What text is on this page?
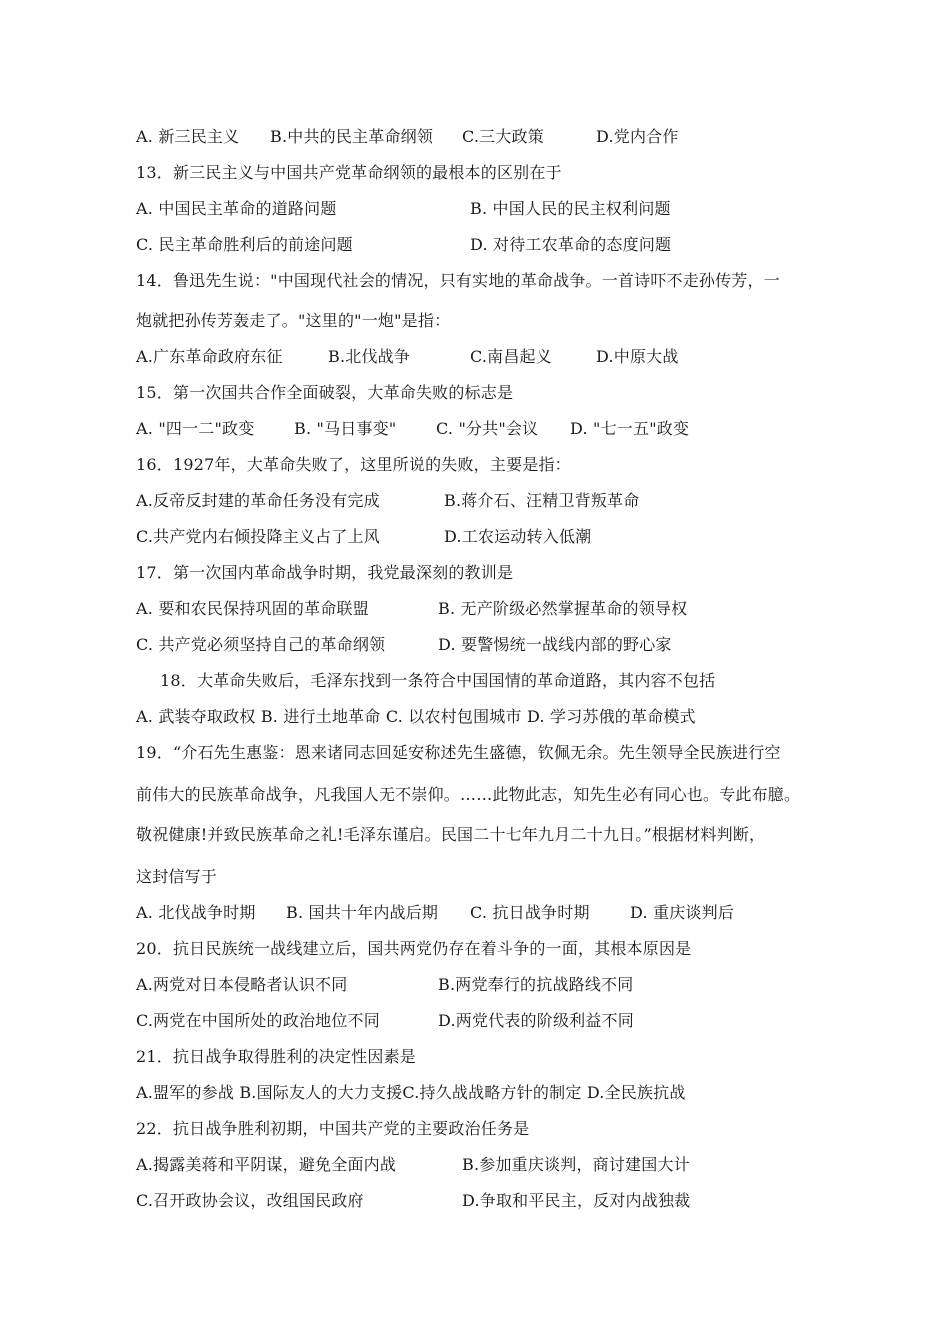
A. 新三民主义 B.中共的民主革命纲领 C.三大政策	D.党内合作
13．新三民主义与中国共产党革命纲领的最根本的区别在于
A. 中国民主革命的道路问题	B. 中国人民的民主权利问题
C. 民主革命胜利后的前途问题	D. 对待工农革命的态度问题
14．鲁迅先生说："中国现代社会的情况，只有实地的革命战争。一首诗吓不走孙传芳，一
炮就把孙传芳轰走了。"这里的"一炮"是指：
A.广东革命政府东征	B.北伐战争	C.南昌起义	D.中原大战
15．第一次国共合作全面破裂，大革命失败的标志是
A. "四一二"政变 B. "马日事变" C. "分共"会议 D. "七一五"政变
16．1927年，大革命失败了，这里所说的失败，主要是指：
A.反帝反封建的革命任务没有完成	B.蒋介石、汪精卫背叛革命
C.共产党内右倾投降主义占了上风	D.工农运动转入低潮
17．第一次国内革命战争时期，我党最深刻的教训是
A. 要和农民保持巩固的革命联盟	B. 无产阶级必然掌握革命的领导权
C. 共产党必须坚持自己的革命纲领	D. 要警惕统一战线内部的野心家
18．大革命失败后，毛泽东找到一条符合中国国情的革命道路，其内容不包括
A. 武装夺取政权 B. 进行土地革命 C. 以农村包围城市 D. 学习苏俄的革命模式
19．“介石先生惠鉴：恩来诸同志回延安称述先生盛德，钦佩无余。先生领导全民族进行空
前伟大的民族革命战争，凡我国人无不崇仰。……此物此志，知先生必有同心也。专此布臆。
敬祝健康!并致民族革命之礼!毛泽东谨启。民国二十七年九月二十九日。”根据材料判断，
这封信写于
A. 北伐战争时期 B. 国共十年内战后期 C. 抗日战争时期	D. 重庆谈判后
20．抗日民族统一战线建立后，国共两党仍存在着斗争的一面，其根本原因是
A.两党对日本侵略者认识不同	B.两党奉行的抗战路线不同
C.两党在中国所处的政治地位不同	D.两党代表的阶级利益不同
21．抗日战争取得胜利的决定性因素是
A.盟军的参战 B.国际友人的大力支援C.持久战战略方针的制定 D.全民族抗战
22．抗日战争胜利初期，中国共产党的主要政治任务是
A.揭露美蒋和平阴谋，避免全面内战	B.参加重庆谈判，商讨建国大计
C.召开政协会议，改组国民政府	D.争取和平民主，反对内战独裁
